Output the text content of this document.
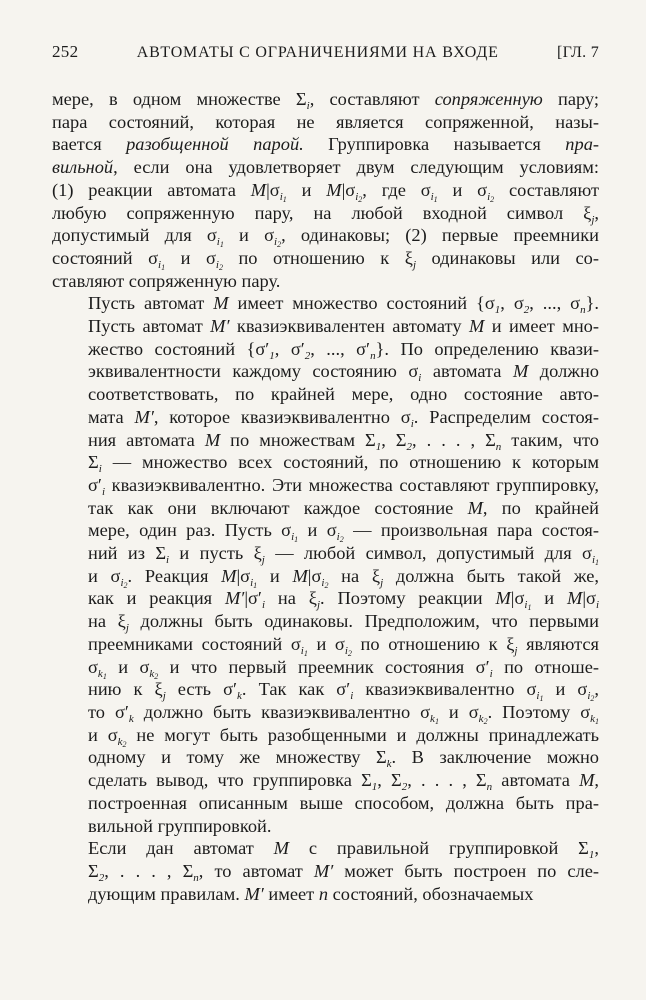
252	АВТОМАТЫ С ОГРАНИЧЕНИЯМИ НА ВХОДЕ	[ГЛ. 7

мере, в одном множестве $\Sigma_i$, составляют сопряженную пару;
пара состояний, которая не является сопряженной, назы-
вается разобщенной парой. Группировка называется пра-
вильной, если она удовлетворяет двум следующим условиям:
(1) реакции автомата $M|\sigma_{i_1}$ и $M|\sigma_{i_2}$, где $\sigma_{i_1}$ и $\sigma_{i_2}$ составляют
любую сопряженную пару, на любой входной символ $\xi_j$,
допустимый для $\sigma_{i_1}$ и $\sigma_{i_2}$, одинаковы; (2) первые преемники
состояний $\sigma_{i_1}$ и $\sigma_{i_2}$ по отношению к $\xi_j$ одинаковы или со-
ставляют сопряженную пару.

Пусть автомат M имеет множество состояний {$\sigma_1$, $\sigma_2$, ..., $\sigma_n$}.
Пусть автомат M′ квазиэквивалентен автомату M и имеет мно-
жество состояний {$\sigma'_1$, $\sigma'_2$, ..., $\sigma'_n$}. По определению квази-
эквивалентности каждому состоянию $\sigma_i$ автомата M должно
соответствовать, по крайней мере, одно состояние авто-
мата M′, которое квазиэквивалентно $\sigma_i$. Распределим состоя-
ния автомата M по множествам $\Sigma_1$, $\Sigma_2$, . . . , $\Sigma_n$ таким, что
$\Sigma_i$ — множество всех состояний, по отношению к которым
$\sigma'_i$ квазиэквивалентно. Эти множества составляют группировку,
так как они включают каждое состояние M, по крайней
мере, один раз. Пусть $\sigma_{i_1}$ и $\sigma_{i_2}$ — произвольная пара состоя-
ний из $\Sigma_i$ и пусть $\xi_j$ — любой символ, допустимый для $\sigma_{i_1}$
и $\sigma_{i_2}$. Реакция $M|\sigma_{i_1}$ и $M|\sigma_{i_2}$ на $\xi_j$ должна быть такой же,
как и реакция $M'|\sigma'_i$ на $\xi_j$. Поэтому реакции $M|\sigma_{i_1}$ и $M|\sigma_i$
на $\xi_j$ должны быть одинаковы. Предположим, что первыми
преемниками состояний $\sigma_{i_1}$ и $\sigma_{i_2}$ по отношению к $\xi_j$ являются
$\sigma_{k_1}$ и $\sigma_{k_2}$ и что первый преемник состояния $\sigma'_i$ по отноше-
нию к $\xi_j$ есть $\sigma'_k$. Так как $\sigma'_i$ квазиэквивалентно $\sigma_{i_1}$ и $\sigma_{i_2}$,
то $\sigma'_k$ должно быть квазиэквивалентно $\sigma_{k_1}$ и $\sigma_{k_2}$. Поэтому $\sigma_{k_1}$
и $\sigma_{k_2}$ не могут быть разобщенными и должны принадлежать
одному и тому же множеству $\Sigma_k$. В заключение можно
сделать вывод, что группировка $\Sigma_1$, $\Sigma_2$, . . . , $\Sigma_n$ автомата M,
построенная описанным выше способом, должна быть пра-
вильной группировкой.

Если дан автомат M с правильной группировкой $\Sigma_1$,
$\Sigma_2$, . . . , $\Sigma_n$, то автомат M′ может быть построен по сле-
дующим правилам. M′ имеет n состояний, обозначаемых
